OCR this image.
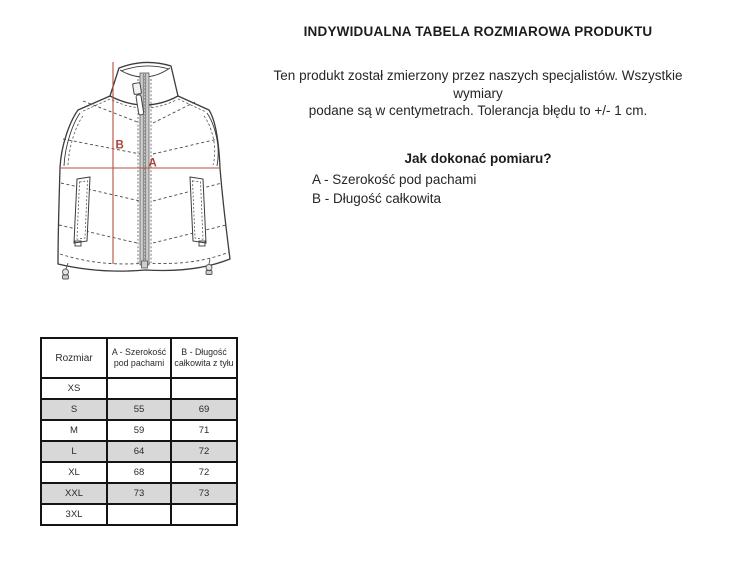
B
A
INDYWIDUALNA TABELA ROZMIAROWA PRODUKTU
Ten produkt został zmierzony przez naszych specjalistów. Wszystkie wymiary
podane są w centymetrach. Tolerancja błędu to +/- 1 cm.
Jak dokonać pomiaru?
A - Szerokość pod pachami
B - Długość całkowita
Rozmiar	A - Szerokość pod pachami	B - Długość całkowita z tyłu
XS		
S	55	69
M	59	71
L	64	72
XL	68	72
XXL	73	73
3XL		
